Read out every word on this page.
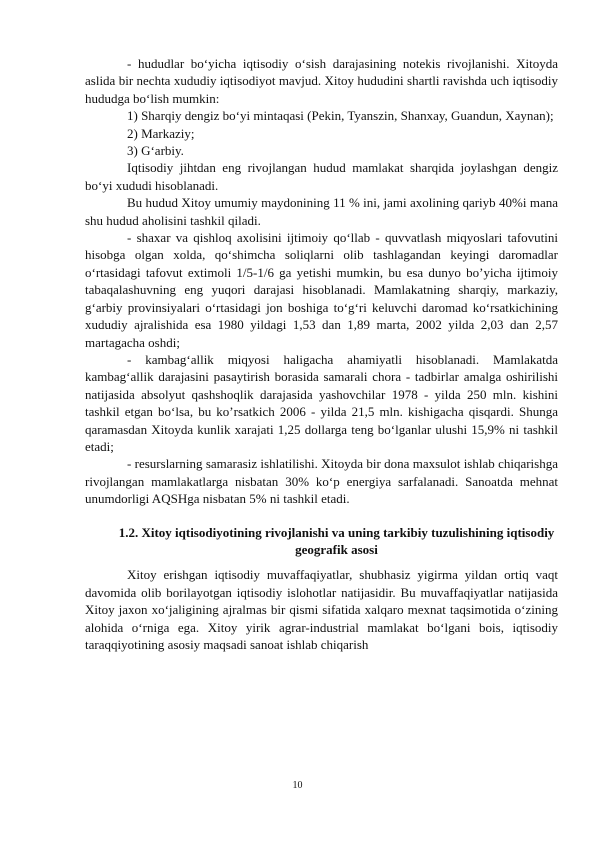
- hududlar bo‘yicha iqtisodiy o‘sish darajasining notekis rivojlanishi. Xitoyda aslida bir nechta xududiy iqtisodiyot mavjud. Xitoy hududini shartli ravishda uch iqtisodiy hududga bo‘lish mumkin:

1) Sharqiy dengiz bo‘yi mintaqasi (Pekin, Tyanszin, Shanxay, Guandun, Xaynan);

2) Markaziy;

3) G‘arbiy.

Iqtisodiy jihtdan eng rivojlangan hudud mamlakat sharqida joylashgan dengiz bo‘yi xududi hisoblanadi.

Bu hudud Xitoy umumiy maydonining 11 % ini, jami axolining qariyb 40%i mana shu hudud aholisini tashkil qiladi.

- shaxar va qishloq axolisini ijtimoiy qo‘llab - quvvatlash miqyoslari tafovutini hisobga olgan xolda, qo‘shimcha soliqlarni olib tashlagandan keyingi daromadlar o‘rtasidagi tafovut extimoli 1/5-1/6 ga yetishi mumkin, bu esa dunyo bo’yicha ijtimoiy tabaqalashuvning eng yuqori darajasi hisoblanadi. Mamlakatning sharqiy, markaziy, g‘arbiy provinsiyalari o‘rtasidagi jon boshiga to‘g‘ri keluvchi daromad ko‘rsatkichining xududiy ajralishida esa 1980 yildagi 1,53 dan 1,89 marta, 2002 yilda 2,03 dan 2,57 martagacha oshdi;

- kambag‘allik miqyosi haligacha ahamiyatli hisoblanadi. Mamlakatda kambag‘allik darajasini pasaytirish borasida samarali chora - tadbirlar amalga oshirilishi natijasida absolyut qashshoqlik darajasida yashovchilar 1978 - yilda 250 mln. kishini tashkil etgan bo‘lsa, bu ko’rsatkich 2006 - yilda 21,5 mln. kishigacha qisqardi. Shunga qaramasdan Xitoyda kunlik xarajati 1,25 dollarga teng bo‘lganlar ulushi 15,9% ni tashkil etadi;

- resurslarning samarasiz ishlatilishi. Xitoyda bir dona maxsulot ishlab chiqarishga rivojlangan mamlakatlarga nisbatan 30% ko‘p energiya sarfalanadi. Sanoatda mehnat unumdorligi AQSHga nisbatan 5% ni tashkil etadi.

1.2. Xitoy iqtisodiyotining rivojlanishi va uning tarkibiy tuzulishining iqtisodiy geografik asosi

Xitoy erishgan iqtisodiy muvaffaqiyatlar, shubhasiz yigirma yildan ortiq vaqt davomida olib borilayotgan iqtisodiy islohotlar natijasidir. Bu muvaffaqiyatlar natijasida Xitoy jaxon xo‘jaligining ajralmas bir qismi sifatida xalqaro mexnat taqsimotida o‘zining alohida o‘rniga ega. Xitoy yirik agrar-industrial mamlakat bo‘lgani bois, iqtisodiy taraqqiyotining asosiy maqsadi sanoat ishlab chiqarish

10
